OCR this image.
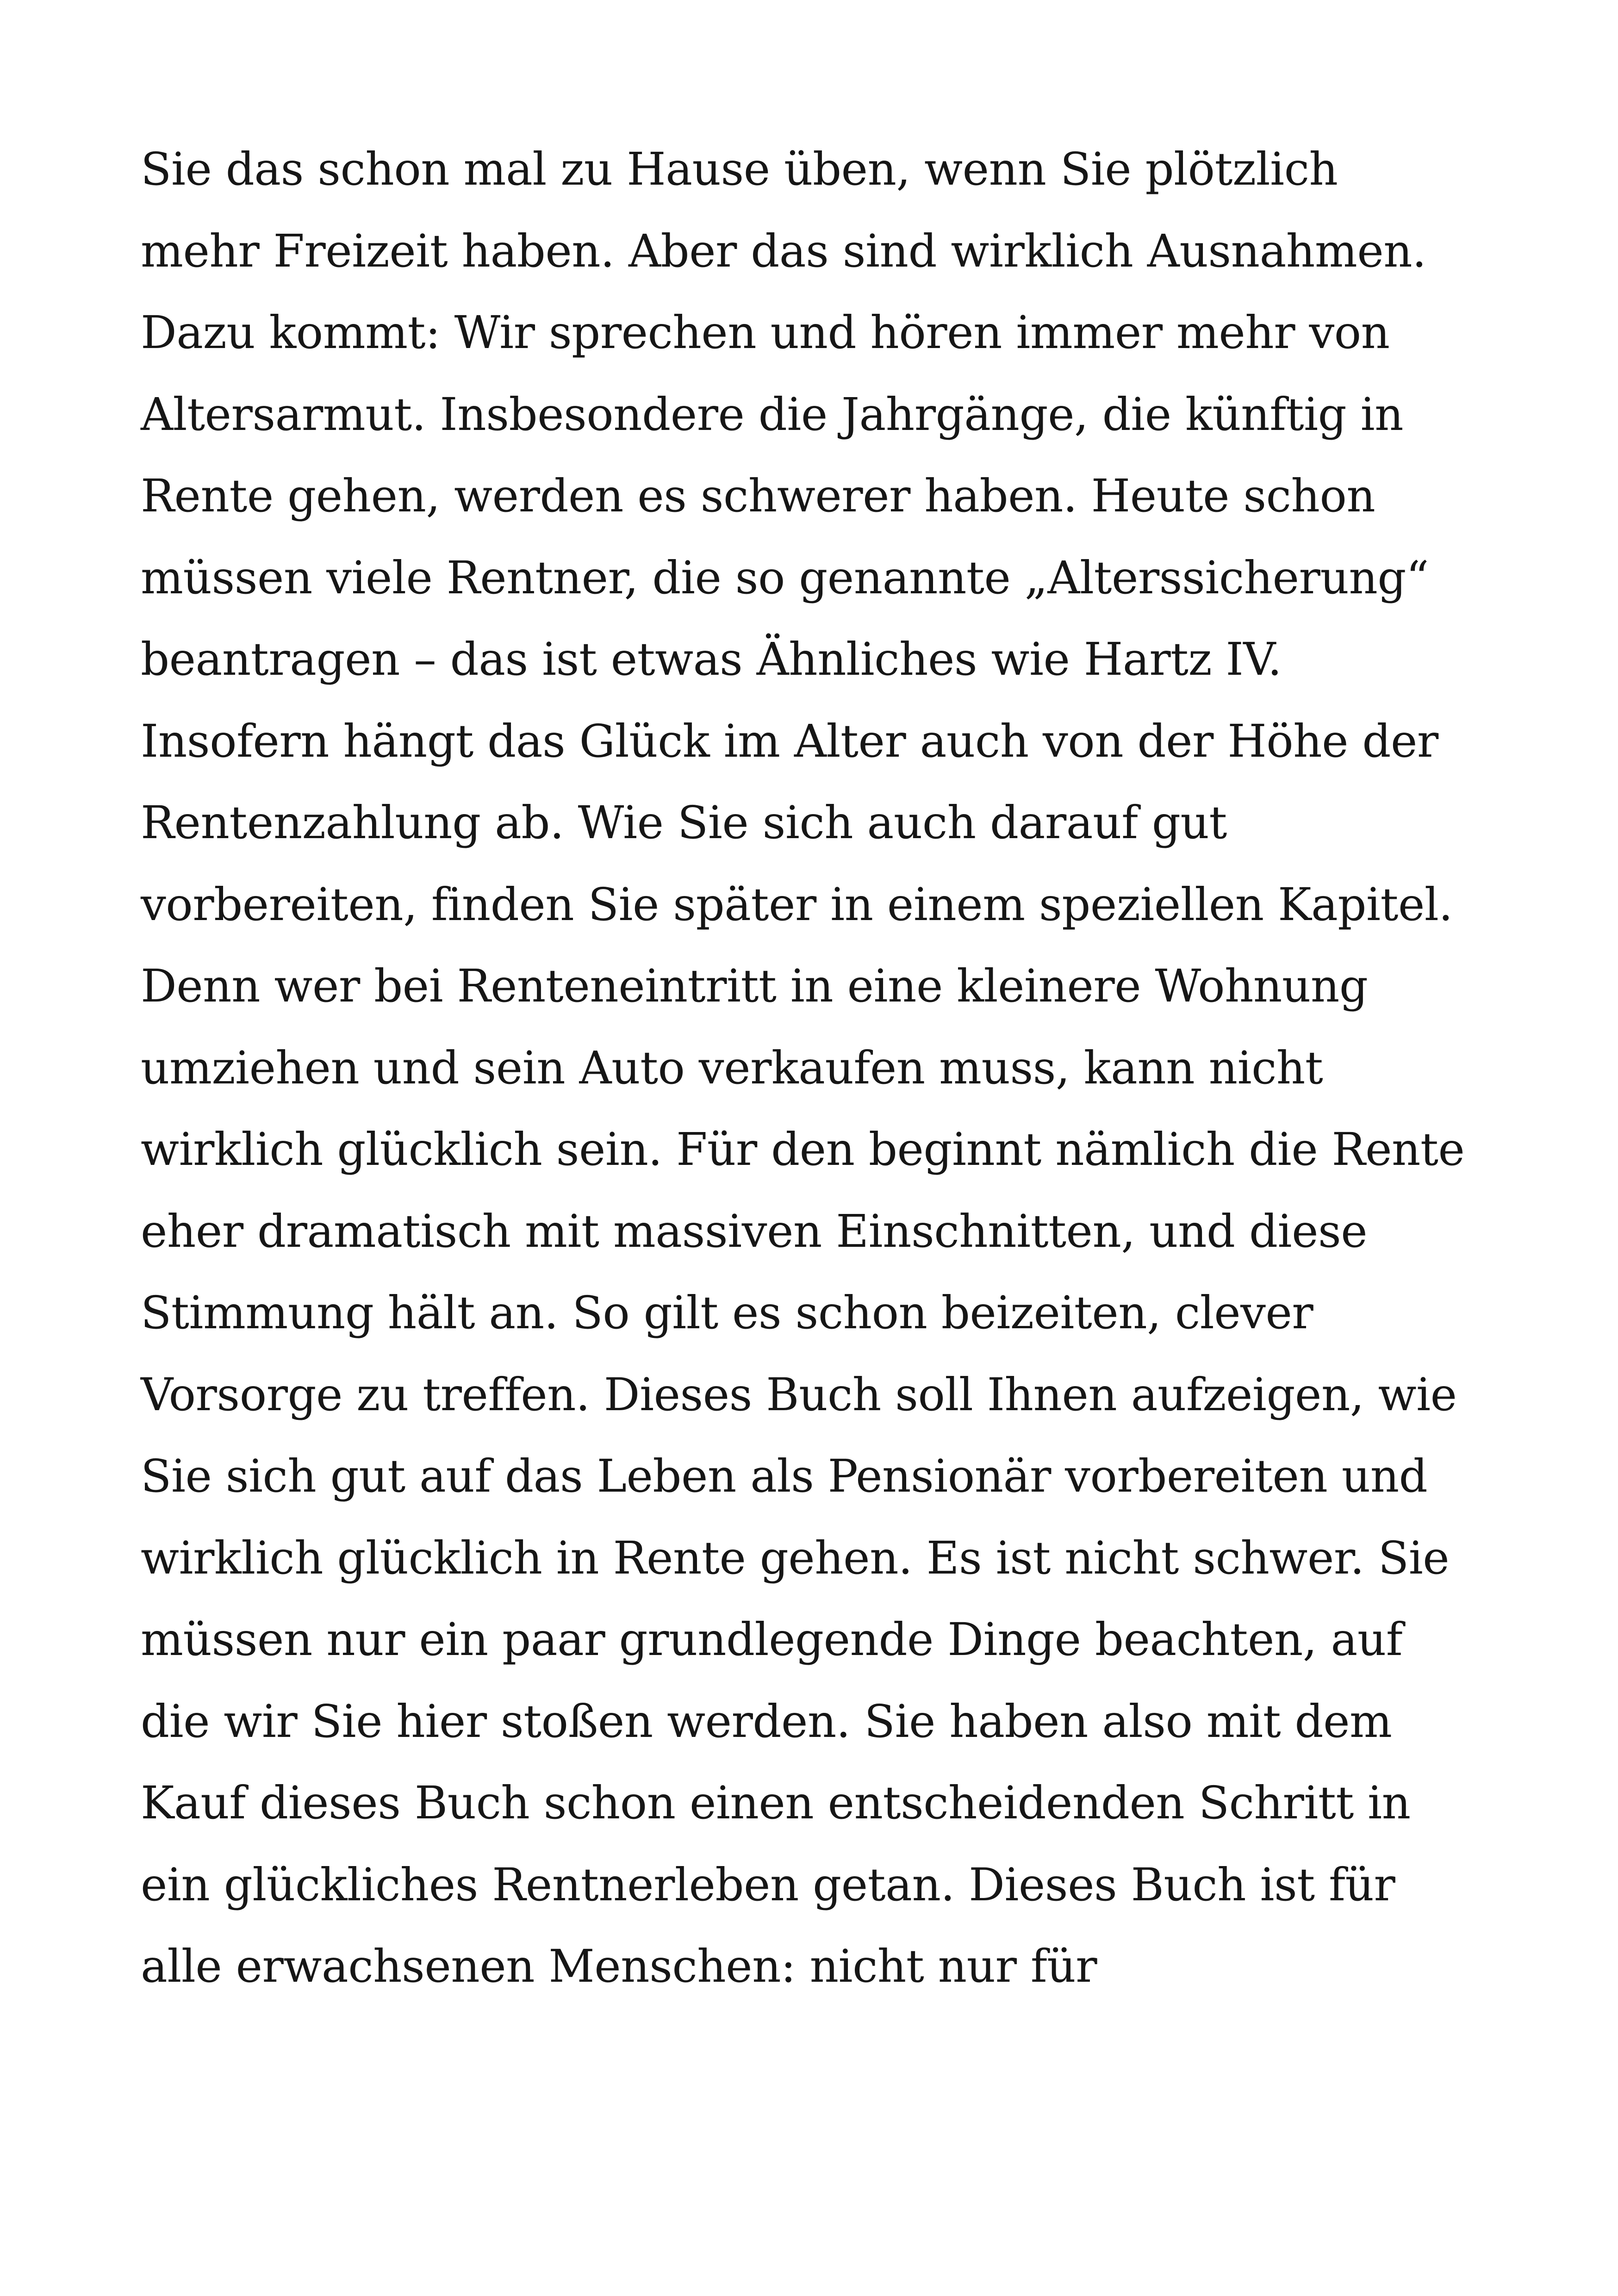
Sie das schon mal zu Hause üben, wenn Sie plötzlich
mehr Freizeit haben. Aber das sind wirklich Ausnahmen.
Dazu kommt: Wir sprechen und hören immer mehr von
Altersarmut. Insbesondere die Jahrgänge, die künftig in
Rente gehen, werden es schwerer haben. Heute schon
müssen viele Rentner, die so genannte „Alterssicherung“
beantragen – das ist etwas Ähnliches wie Hartz IV.
Insofern hängt das Glück im Alter auch von der Höhe der
Rentenzahlung ab. Wie Sie sich auch darauf gut
vorbereiten, finden Sie später in einem speziellen Kapitel.
Denn wer bei Renteneintritt in eine kleinere Wohnung
umziehen und sein Auto verkaufen muss, kann nicht
wirklich glücklich sein. Für den beginnt nämlich die Rente
eher dramatisch mit massiven Einschnitten, und diese
Stimmung hält an. So gilt es schon beizeiten, clever
Vorsorge zu treffen. Dieses Buch soll Ihnen aufzeigen, wie
Sie sich gut auf das Leben als Pensionär vorbereiten und
wirklich glücklich in Rente gehen. Es ist nicht schwer. Sie
müssen nur ein paar grundlegende Dinge beachten, auf
die wir Sie hier stoßen werden. Sie haben also mit dem
Kauf dieses Buch schon einen entscheidenden Schritt in
ein glückliches Rentnerleben getan. Dieses Buch ist für
alle erwachsenen Menschen: nicht nur für
